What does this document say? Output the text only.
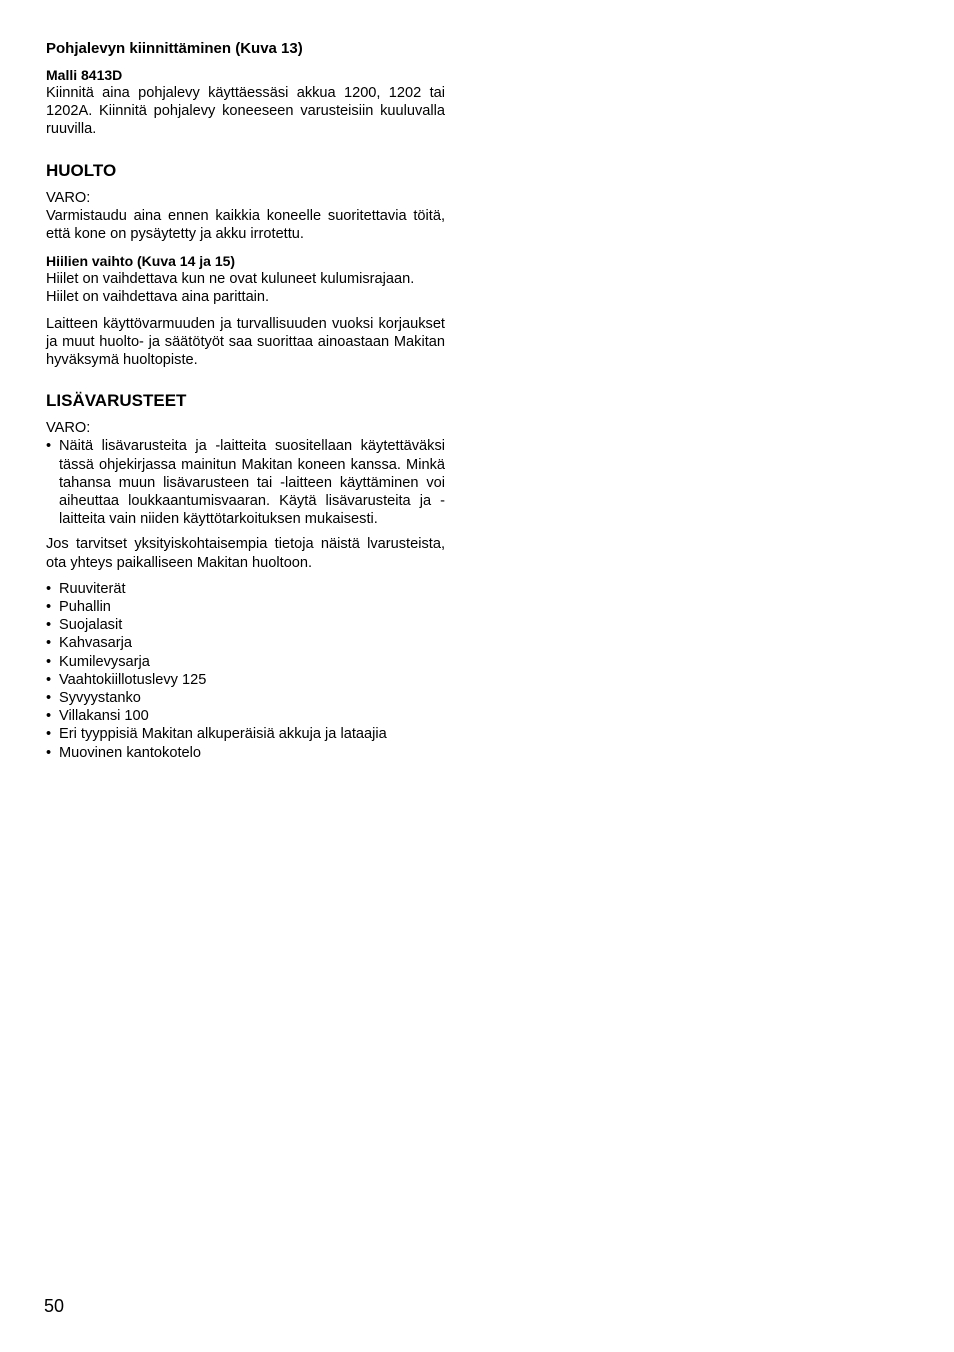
Pohjalevyn kiinnittäminen (Kuva 13)
Malli 8413D

Kiinnitä aina pohjalevy käyttäessäsi akkua 1200, 1202 tai 1202A. Kiinnitä pohjalevy koneeseen varusteisiin kuuluvalla ruuvilla.

HUOLTO
VARO:

Varmistaudu aina ennen kaikkia koneelle suoritettavia töitä, että kone on pysäytetty ja akku irrotettu.

Hiilien vaihto (Kuva 14 ja 15)
Hiilet on vaihdettava kun ne ovat kuluneet kulumisrajaan.
Hiilet on vaihdettava aina parittain.

Laitteen käyttövarmuuden ja turvallisuuden vuoksi korjaukset ja muut huolto- ja säätötyöt saa suorittaa ainoastaan Makitan hyväksymä huoltopiste.

LISÄVARUSTEET
VARO:
• Näitä lisävarusteita ja -laitteita suositellaan käytettäväksi tässä ohjekirjassa mainitun Makitan koneen kanssa. Minkä tahansa muun lisävarusteen tai -laitteen käyttäminen voi aiheuttaa loukkaantumisvaaran. Käytä lisävarusteita ja -laitteita vain niiden käyttötarkoituksen mukaisesti.

Jos tarvitset yksityiskohtaisempia tietoja näistä lvarusteista, ota yhteys paikalliseen Makitan huoltoon.

• Ruuviterät
• Puhallin
• Suojalasit
• Kahvasarja
• Kumilevysarja
• Vaahtokiillotuslevy 125
• Syvyystanko
• Villakansi 100
• Eri tyyppisiä Makitan alkuperäisiä akkuja ja lataajia
• Muovinen kantokotelo
50
